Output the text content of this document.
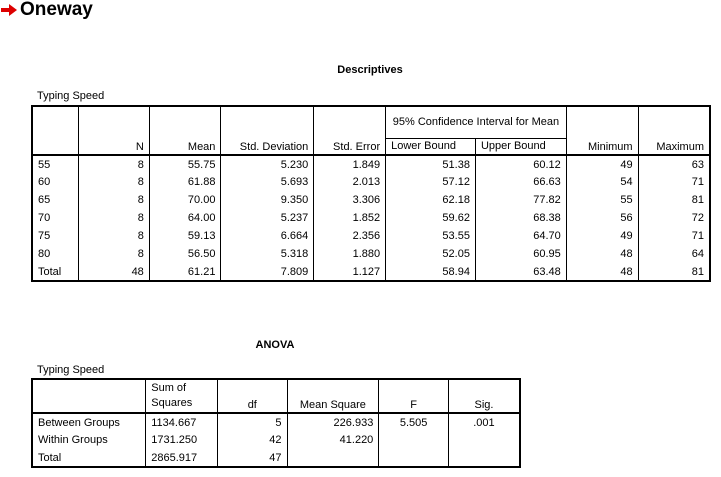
Oneway
Descriptives
Typing Speed
	N	Mean	Std. Deviation	Std. Error	95% Confidence Interval for Mean		Minimum	Maximum
					Lower Bound	Upper Bound		
55	8	55.75	5.230	1.849	51.38	60.12	49	63
60	8	61.88	5.693	2.013	57.12	66.63	54	71
65	8	70.00	9.350	3.306	62.18	77.82	55	81
70	8	64.00	5.237	1.852	59.62	68.38	56	72
75	8	59.13	6.664	2.356	53.55	64.70	49	71
80	8	56.50	5.318	1.880	52.05	60.95	48	64
Total	48	61.21	7.809	1.127	58.94	63.48	48	81
ANOVA
Typing Speed
	Sum of Squares	df	Mean Square	F	Sig.
Between Groups	1134.667	5	226.933	5.505	.001
Within Groups	1731.250	42	41.220		
Total	2865.917	47			
